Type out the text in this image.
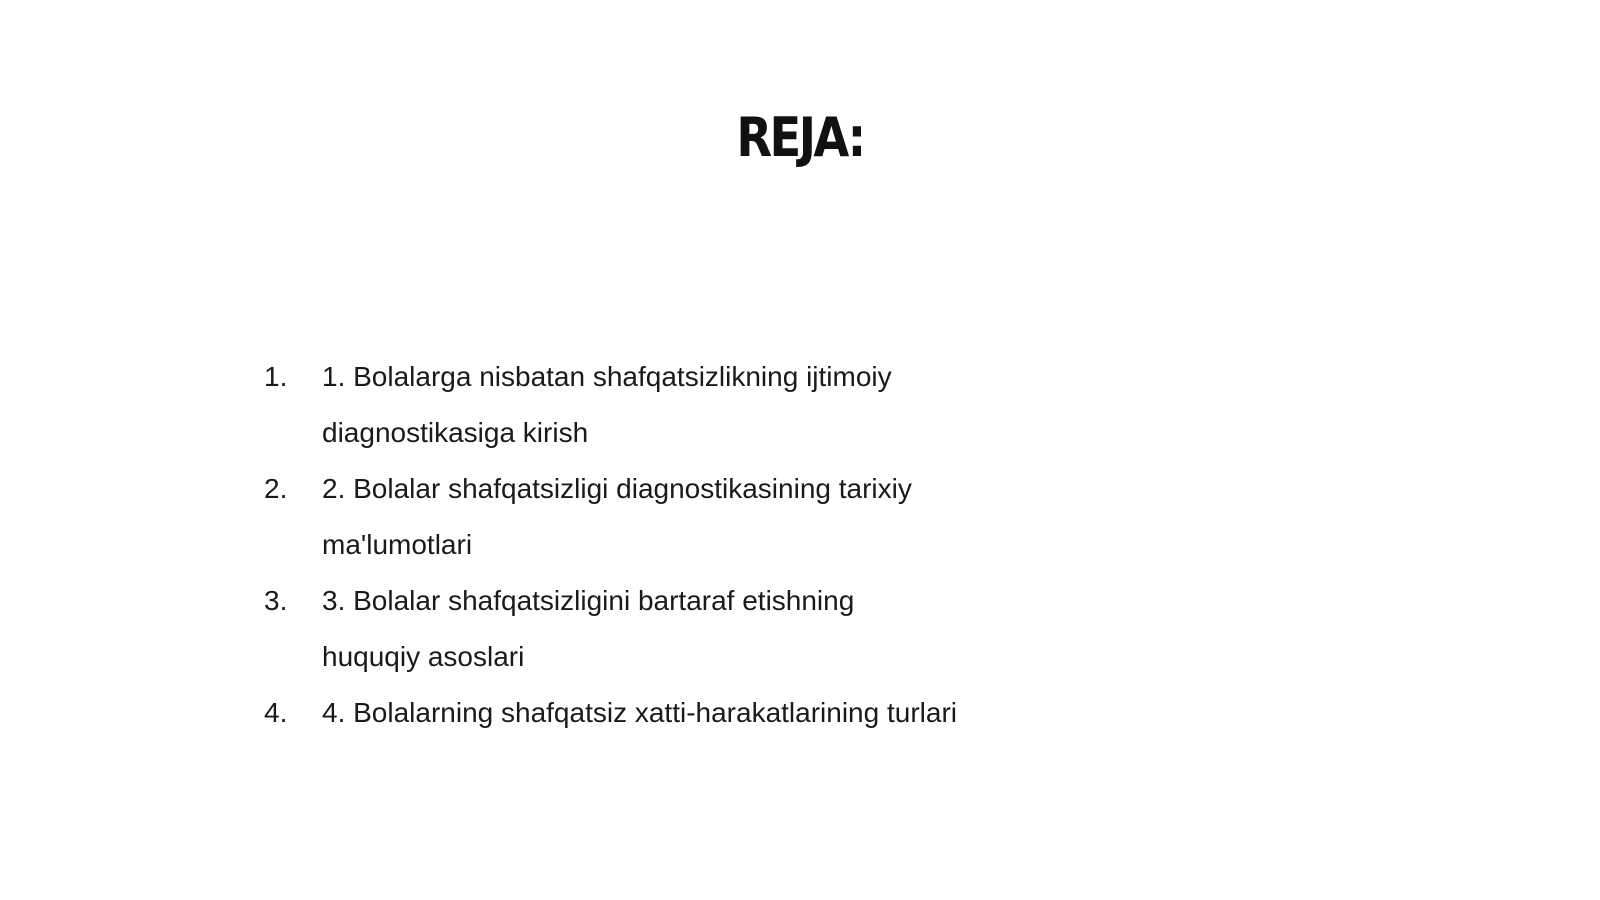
REJA:
1. 1. Bolalarga nisbatan shafqatsizlikning ijtimoiy diagnostikasiga kirish
2. 2. Bolalar shafqatsizligi diagnostikasining tarixiy ma'lumotlari
3. 3. Bolalar shafqatsizligini bartaraf etishning huquqiy asoslari
4. 4. Bolalarning shafqatsiz xatti-harakatlarining turlari
